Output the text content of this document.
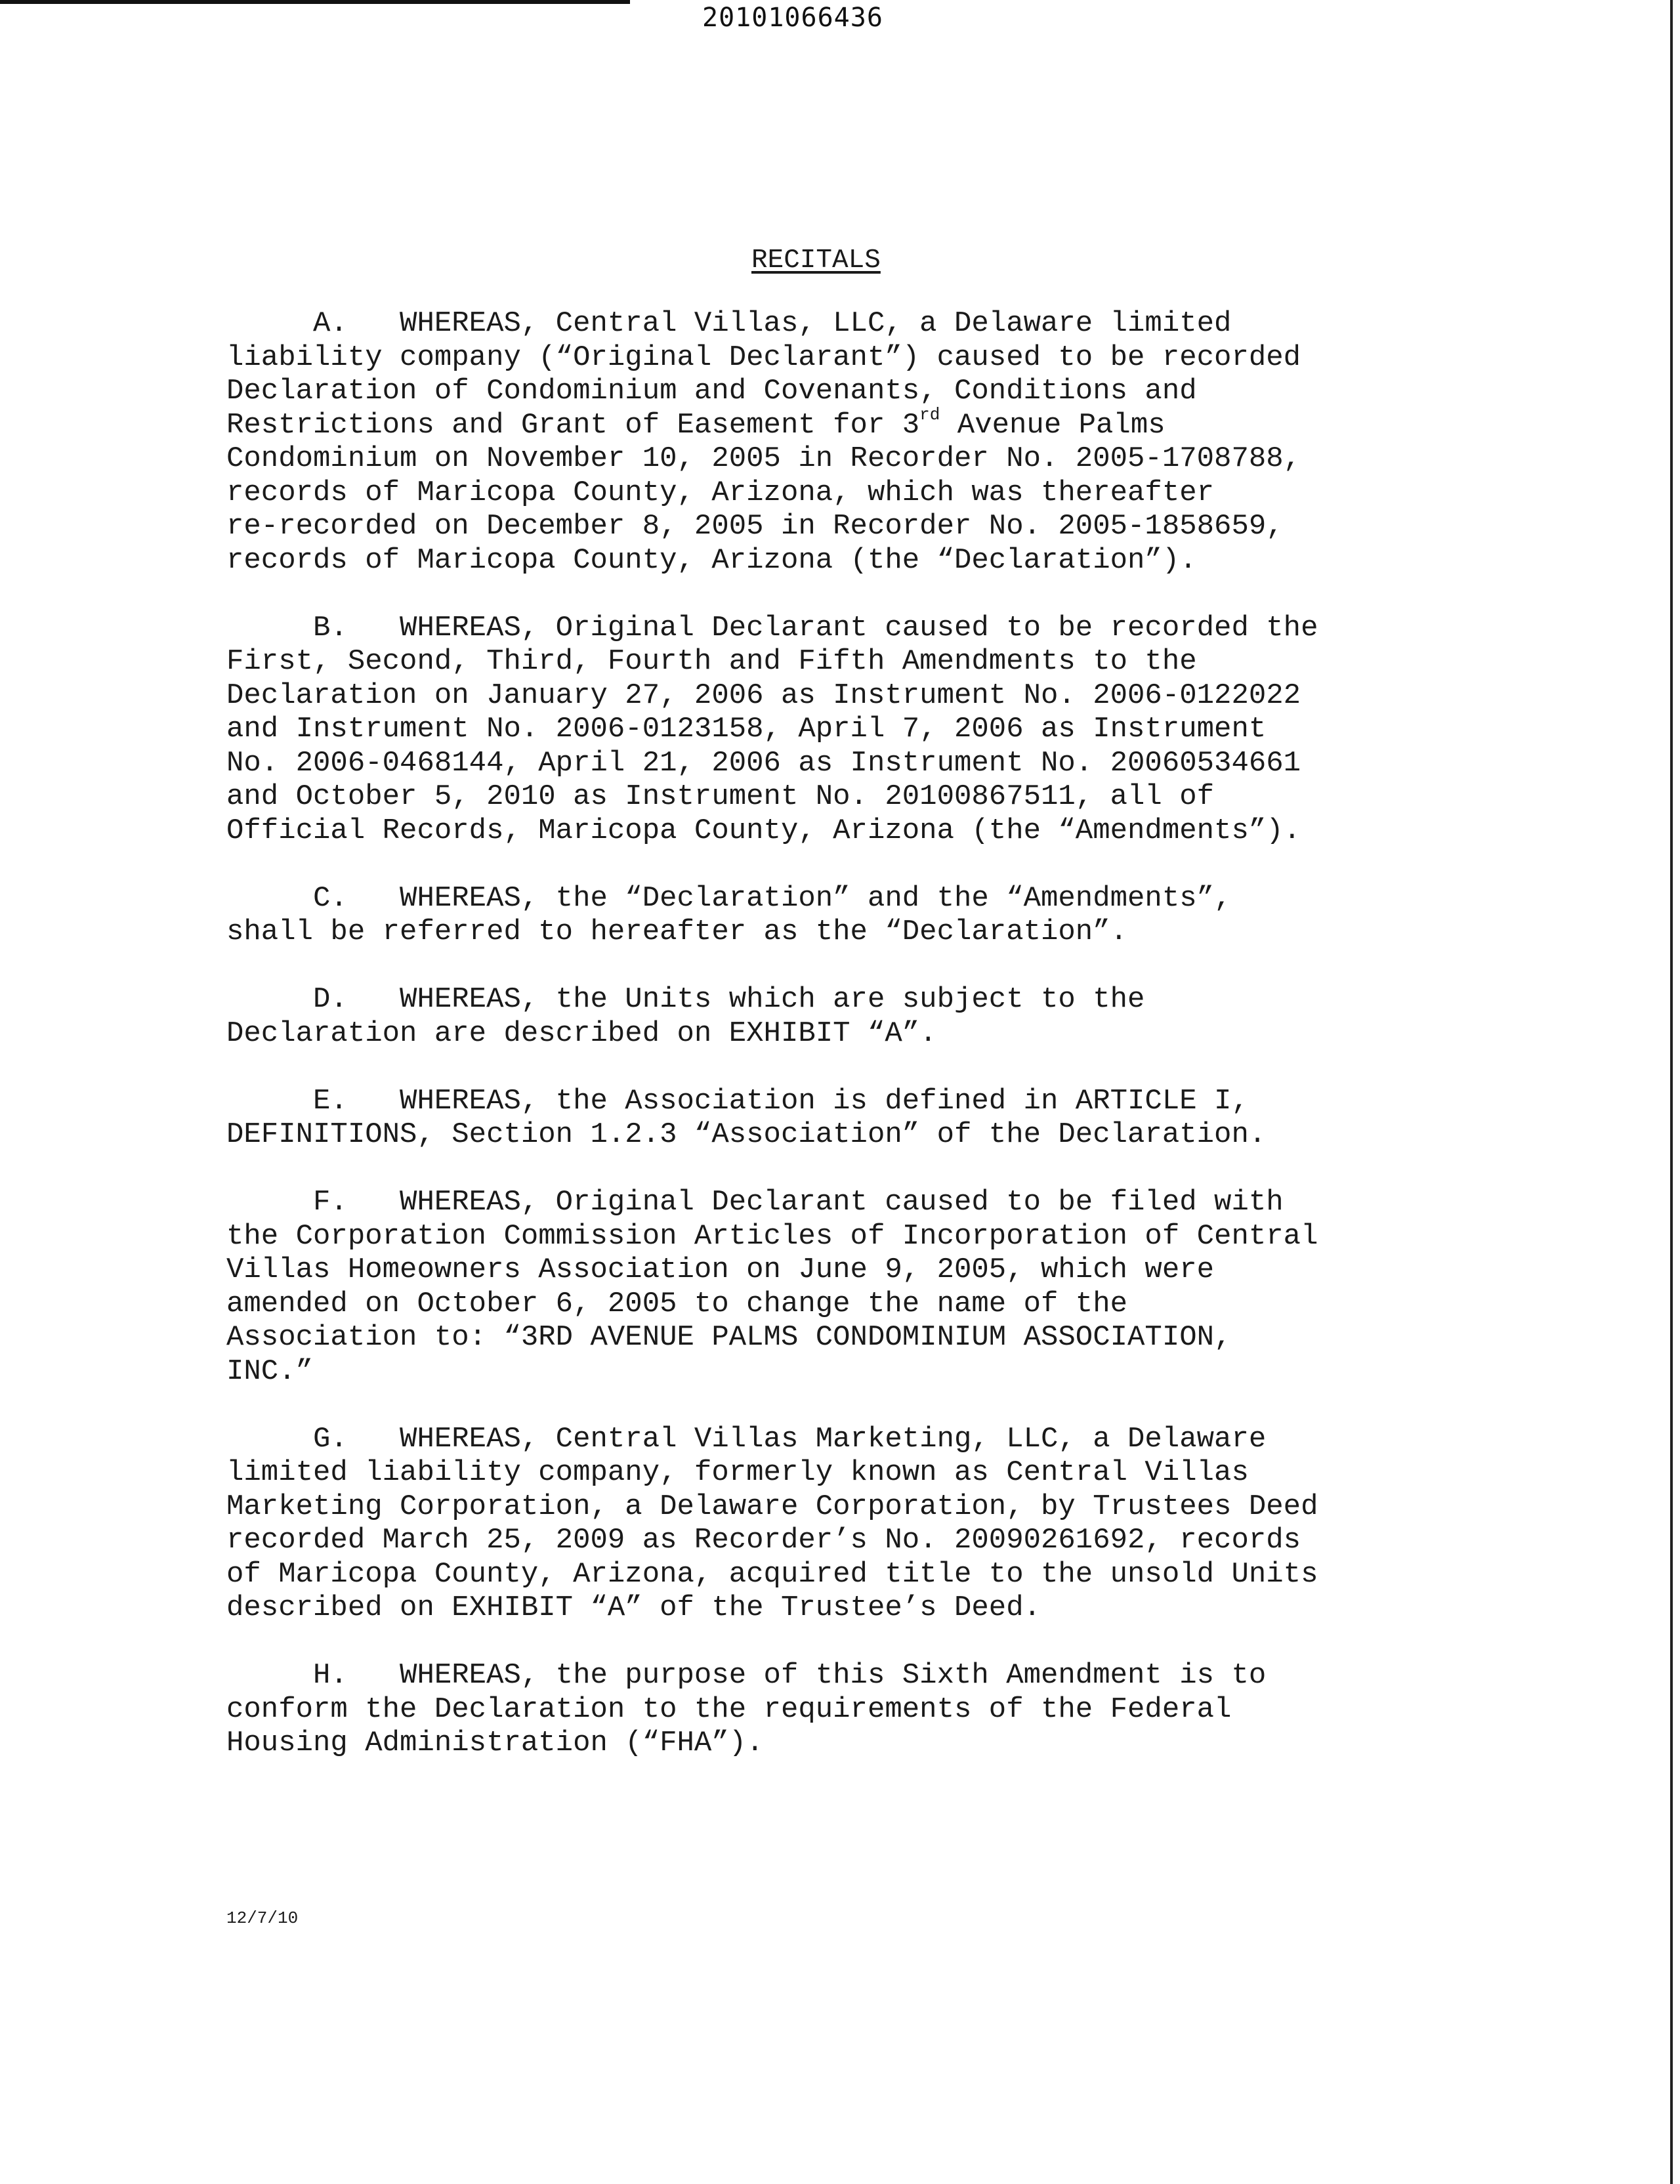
20101066436
RECITALS
A.   WHEREAS, Central Villas, LLC, a Delaware limited
liability company (“Original Declarant”) caused to be recorded
Declaration of Condominium and Covenants, Conditions and
Restrictions and Grant of Easement for 3rd Avenue Palms
Condominium on November 10, 2005 in Recorder No. 2005-1708788,
records of Maricopa County, Arizona, which was thereafter
re-recorded on December 8, 2005 in Recorder No. 2005-1858659,
records of Maricopa County, Arizona (the “Declaration”).
B.   WHEREAS, Original Declarant caused to be recorded the
First, Second, Third, Fourth and Fifth Amendments to the
Declaration on January 27, 2006 as Instrument No. 2006-0122022
and Instrument No. 2006-0123158, April 7, 2006 as Instrument
No. 2006-0468144, April 21, 2006 as Instrument No. 20060534661
and October 5, 2010 as Instrument No. 20100867511, all of
Official Records, Maricopa County, Arizona (the “Amendments”).
C.   WHEREAS, the “Declaration” and the “Amendments”,
shall be referred to hereafter as the “Declaration”.
D.   WHEREAS, the Units which are subject to the
Declaration are described on EXHIBIT “A”.
E.   WHEREAS, the Association is defined in ARTICLE I,
DEFINITIONS, Section 1.2.3 “Association” of the Declaration.
F.   WHEREAS, Original Declarant caused to be filed with
the Corporation Commission Articles of Incorporation of Central
Villas Homeowners Association on June 9, 2005, which were
amended on October 6, 2005 to change the name of the
Association to: “3RD AVENUE PALMS CONDOMINIUM ASSOCIATION,
INC.”
G.   WHEREAS, Central Villas Marketing, LLC, a Delaware
limited liability company, formerly known as Central Villas
Marketing Corporation, a Delaware Corporation, by Trustees Deed
recorded March 25, 2009 as Recorder’s No. 20090261692, records
of Maricopa County, Arizona, acquired title to the unsold Units
described on EXHIBIT “A” of the Trustee’s Deed.
H.   WHEREAS, the purpose of this Sixth Amendment is to
conform the Declaration to the requirements of the Federal
Housing Administration (“FHA”).
12/7/10
